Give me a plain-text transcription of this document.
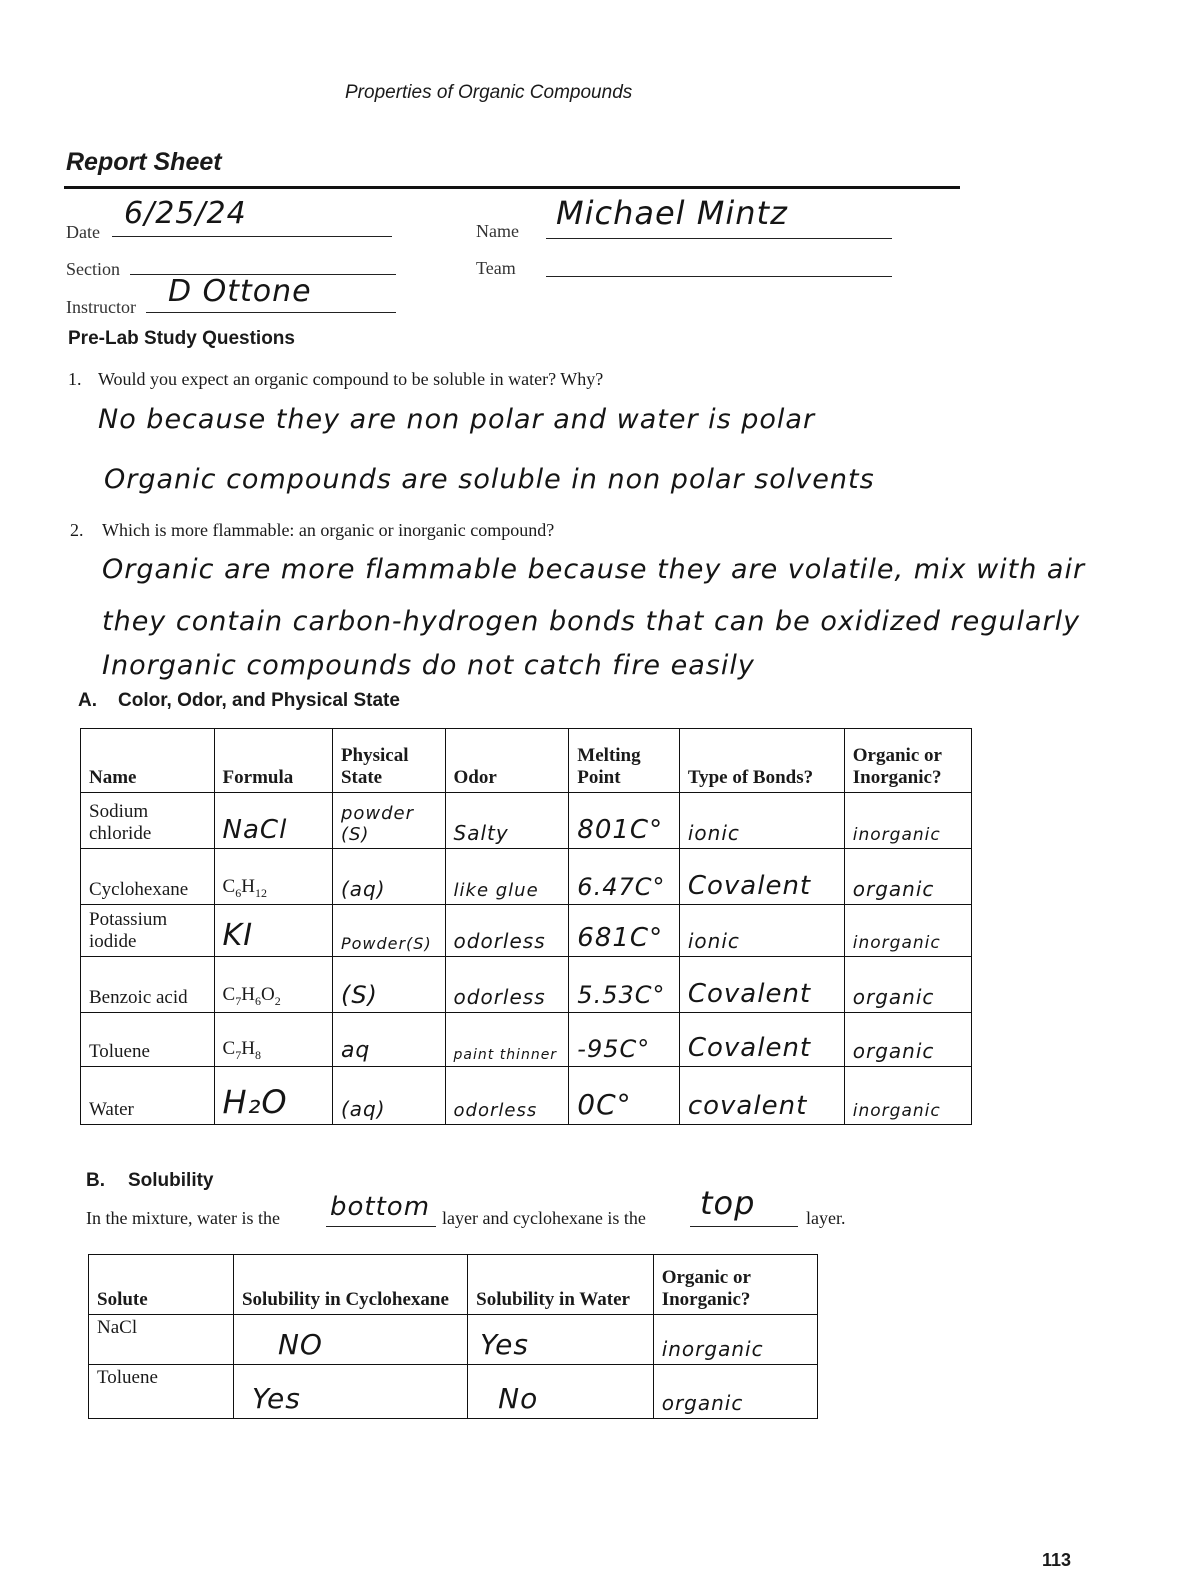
Properties of Organic Compounds
Report Sheet
Date
6/25/24
Section
Instructor D Ottone
Name Michael Mintz
Team
Pre-Lab Study Questions
1. Would you expect an organic compound to be soluble in water? Why?
No because they are non polar and water is polar
Organic compounds are soluble in non polar solvents
2. Which is more flammable: an organic or inorganic compound?
Organic are more flammable because they are volatile, mix with air
they contain carbon-hydrogen bonds that can be oxidized regularly
Inorganic compounds do not catch fire easily
A. Color, Odor, and Physical State
Name	Formula	Physical State	Odor	Melting Point	Type of Bonds?	Organic or Inorganic?
Sodium chloride	NaCl	powder (S)	Salty	801C°	ionic	inorganic
Cyclohexane	$C_6H_{12}$	(aq)	like glue	6.47C°	Covalent	organic
Potassium iodide	KI	Powder(S)	odorless	681C°	ionic	inorganic
Benzoic acid	$C_7H_6O_2$	(S)	odorless	5.53C°	Covalent	organic
Toluene	$C_7H_8$	aq	paint thinner	-95C°	Covalent	organic
Water	H₂O	(aq)	odorless	0C°	covalent	inorganic
B. Solubility
In the mixture, water is the bottom layer and cyclohexane is the top	layer.
Solute	Solubility in Cyclohexane	Solubility in Water	Organic or Inorganic?
NaCl	NO	Yes	inorganic
Toluene	Yes	No	organic
113
